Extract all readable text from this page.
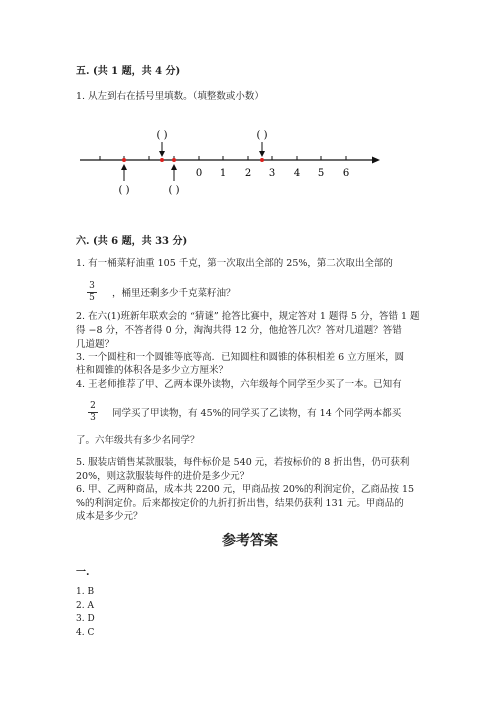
五. (共 1 题，共 4 分)
1. 从左到右在括号里填数。（填整数或小数）
( )	( )
0 1 2 3 4 5 6
( )	( )
六. (共 6 题，共 33 分)
1. 有一桶菜籽油重 105 千克，第一次取出全部的 25%，第二次取出全部的
3
5	，桶里还剩多少千克菜籽油？
2. 在六(1)班新年联欢会的 “猜谜” 抢答比赛中，规定答对 1 题得 5 分，答错 1 题
得 −8 分，不答者得 0 分，淘淘共得 12 分，他抢答几次？答对几道题？答错
几道题？
3. 一个圆柱和一个圆锥等底等高．已知圆柱和圆锥的体积相差 6 立方厘米，圆
柱和圆锥的体积各是多少立方厘米？
4. 王老师推荐了甲、乙两本课外读物，六年级每个同学至少买了一本。已知有
2
3	同学买了甲读物，有 45%的同学买了乙读物，有 14 个同学两本都买
了。六年级共有多少名同学？
5. 服装店销售某款服装，每件标价是 540 元，若按标价的 8 折出售，仍可获利
20%，则这款服装每件的进价是多少元？
6. 甲、乙两种商品，成本共 2200 元，甲商品按 20%的利润定价，乙商品按 15
%的利润定价。后来都按定价的九折打折出售，结果仍获利 131 元。甲商品的
成本是多少元？
参考答案
一.
1. B
2. A
3. D
4. C
